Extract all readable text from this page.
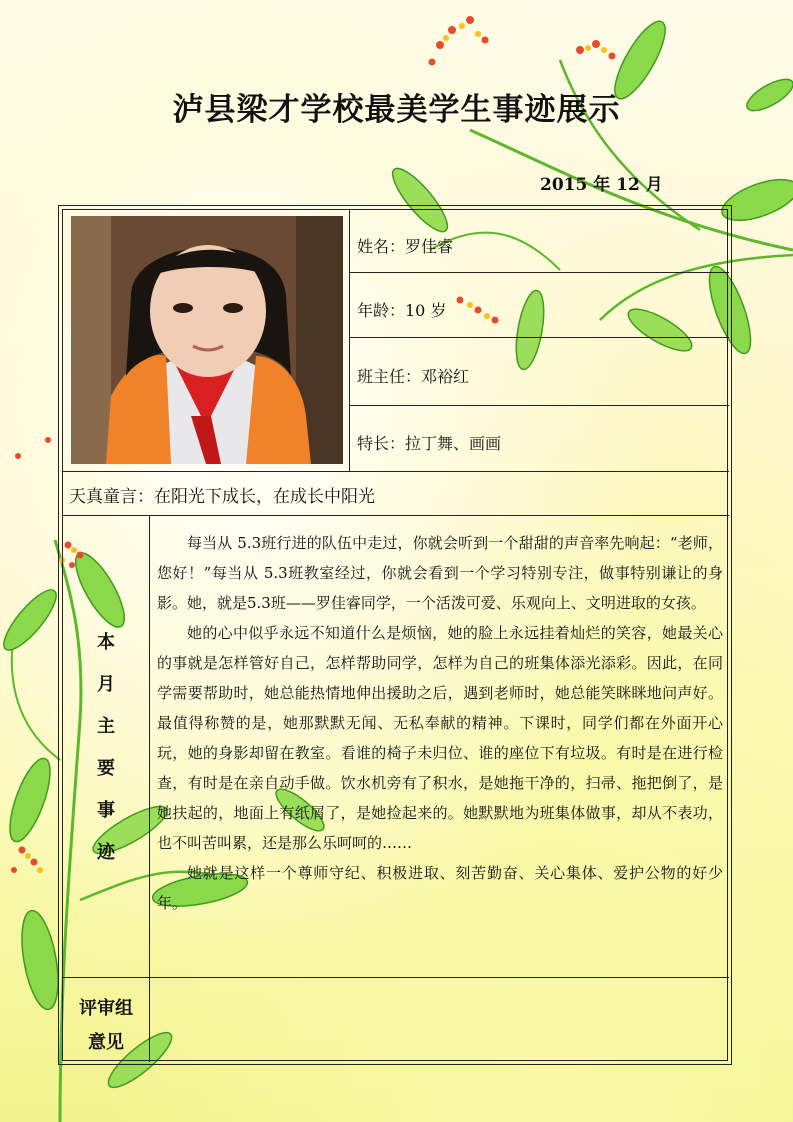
泸县梁才学校最美学生事迹展示
2015 年 12 月
姓名：罗佳睿
年龄：10 岁
班主任：邓裕红
特长：拉丁舞、画画
天真童言：在阳光下成长，在成长中阳光
本
月
主
要
事
迹

每当从 5.3班行进的队伍中走过，你就会听到一个甜甜的声音率先响起：“老师，您好！”每当从 5.3班教室经过，你就会看到一个学习特别专注，做事特别谦让的身影。她，就是5.3班——罗佳睿同学，一个活泼可爱、乐观向上、文明进取的女孩。

她的心中似乎永远不知道什么是烦恼，她的脸上永远挂着灿烂的笑容，她最关心的事就是怎样管好自己，怎样帮助同学，怎样为自己的班集体添光添彩。因此，在同学需要帮助时，她总能热情地伸出援助之后，遇到老师时，她总能笑眯眯地问声好。最值得称赞的是，她那默默无闻、无私奉献的精神。下课时，同学们都在外面开心玩，她的身影却留在教室。看谁的椅子未归位、谁的座位下有垃圾。有时是在进行检查，有时是在亲自动手做。饮水机旁有了积水，是她拖干净的，扫帚、拖把倒了，是她扶起的，地面上有纸屑了，是她捡起来的。她默默地为班集体做事，却从不表功，也不叫苦叫累，还是那么乐呵呵的……

她就是这样一个尊师守纪、积极进取、刻苦勤奋、关心集体、爱护公物的好少年。

评审组
意见
